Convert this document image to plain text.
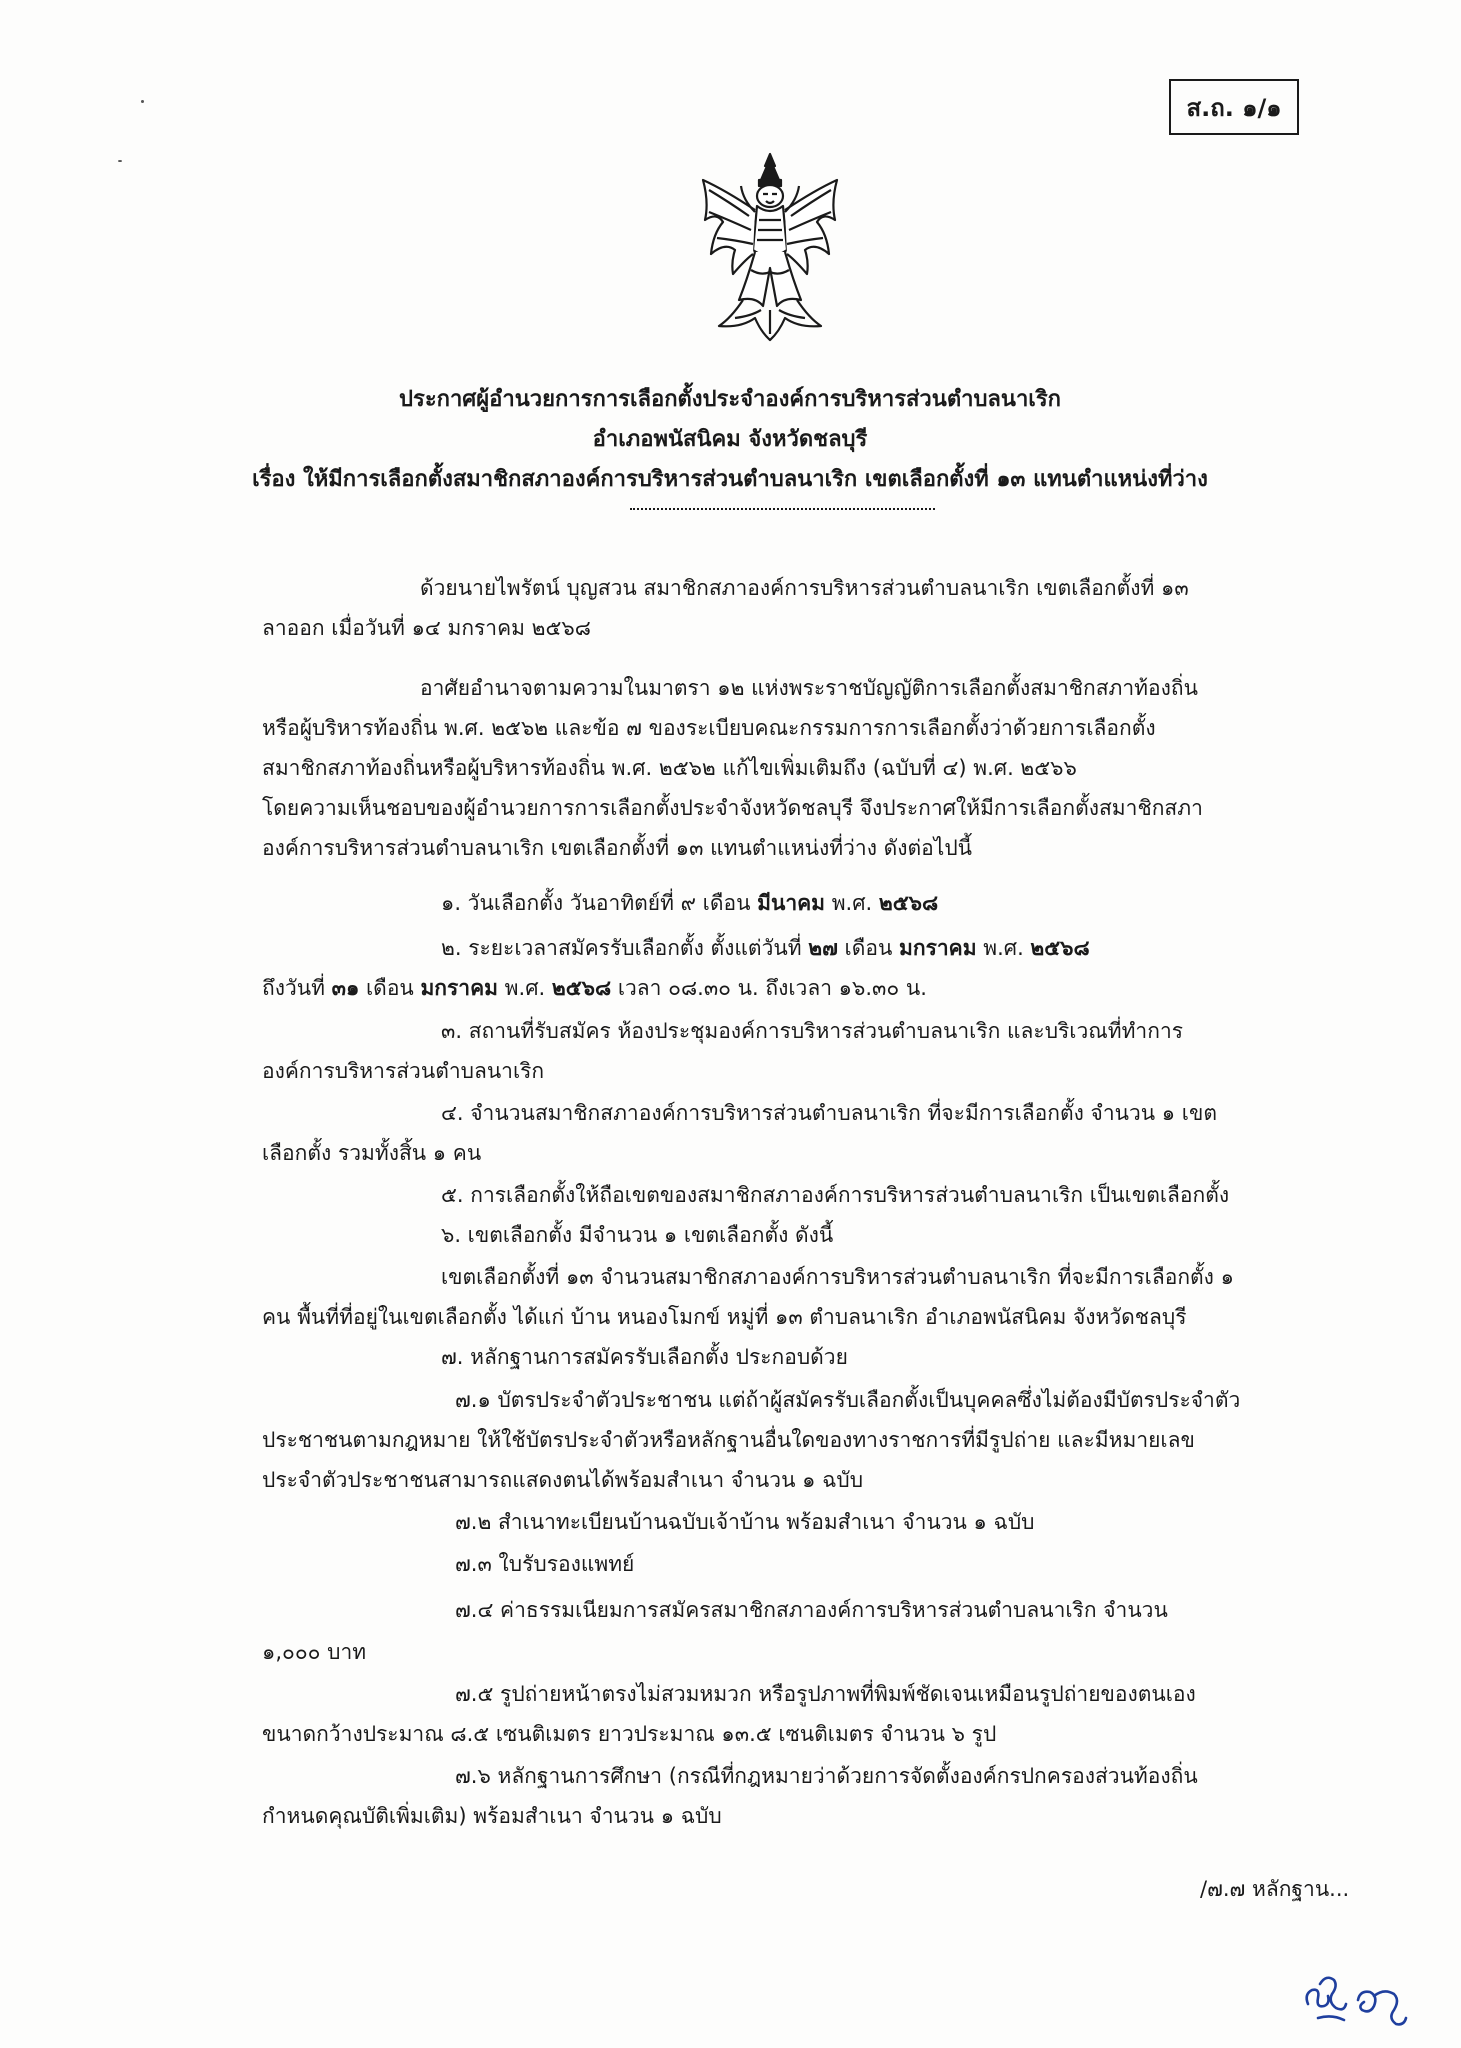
ส.ถ. ๑/๑
ประกาศผู้อำนวยการการเลือกตั้งประจำองค์การบริหารส่วนตำบลนาเริก
อำเภอพนัสนิคม จังหวัดชลบุรี
เรื่อง ให้มีการเลือกตั้งสมาชิกสภาองค์การบริหารส่วนตำบลนาเริก เขตเลือกตั้งที่ ๑๓ แทนตำแหน่งที่ว่าง
ด้วยนายไพรัตน์ บุญสวน สมาชิกสภาองค์การบริหารส่วนตำบลนาเริก เขตเลือกตั้งที่ ๑๓
ลาออก เมื่อวันที่ ๑๔ มกราคม ๒๕๖๘
อาศัยอำนาจตามความในมาตรา ๑๒ แห่งพระราชบัญญัติการเลือกตั้งสมาชิกสภาท้องถิ่น
หรือผู้บริหารท้องถิ่น พ.ศ. ๒๕๖๒ และข้อ ๗ ของระเบียบคณะกรรมการการเลือกตั้งว่าด้วยการเลือกตั้ง
สมาชิกสภาท้องถิ่นหรือผู้บริหารท้องถิ่น พ.ศ. ๒๕๖๒ แก้ไขเพิ่มเติมถึง (ฉบับที่ ๔) พ.ศ. ๒๕๖๖
โดยความเห็นชอบของผู้อำนวยการการเลือกตั้งประจำจังหวัดชลบุรี จึงประกาศให้มีการเลือกตั้งสมาชิกสภา
องค์การบริหารส่วนตำบลนาเริก เขตเลือกตั้งที่ ๑๓ แทนตำแหน่งที่ว่าง ดังต่อไปนี้
๑. วันเลือกตั้ง วันอาทิตย์ที่ ๙ เดือน มีนาคม พ.ศ. ๒๕๖๘
๒. ระยะเวลาสมัครรับเลือกตั้ง ตั้งแต่วันที่ ๒๗ เดือน มกราคม พ.ศ. ๒๕๖๘
ถึงวันที่ ๓๑ เดือน มกราคม พ.ศ. ๒๕๖๘ เวลา ๐๘.๓๐ น. ถึงเวลา ๑๖.๓๐ น.
๓. สถานที่รับสมัคร ห้องประชุมองค์การบริหารส่วนตำบลนาเริก และบริเวณที่ทำการ
องค์การบริหารส่วนตำบลนาเริก
๔. จำนวนสมาชิกสภาองค์การบริหารส่วนตำบลนาเริก ที่จะมีการเลือกตั้ง จำนวน ๑ เขต
เลือกตั้ง รวมทั้งสิ้น ๑ คน
๕. การเลือกตั้งให้ถือเขตของสมาชิกสภาองค์การบริหารส่วนตำบลนาเริก เป็นเขตเลือกตั้ง
๖. เขตเลือกตั้ง มีจำนวน ๑ เขตเลือกตั้ง ดังนี้
เขตเลือกตั้งที่ ๑๓ จำนวนสมาชิกสภาองค์การบริหารส่วนตำบลนาเริก ที่จะมีการเลือกตั้ง ๑
คน พื้นที่ที่อยู่ในเขตเลือกตั้ง ได้แก่ บ้าน หนองโมกข์ หมู่ที่ ๑๓ ตำบลนาเริก อำเภอพนัสนิคม จังหวัดชลบุรี
๗. หลักฐานการสมัครรับเลือกตั้ง ประกอบด้วย
๗.๑ บัตรประจำตัวประชาชน แต่ถ้าผู้สมัครรับเลือกตั้งเป็นบุคคลซึ่งไม่ต้องมีบัตรประจำตัว
ประชาชนตามกฎหมาย ให้ใช้บัตรประจำตัวหรือหลักฐานอื่นใดของทางราชการที่มีรูปถ่าย และมีหมายเลข
ประจำตัวประชาชนสามารถแสดงตนได้พร้อมสำเนา จำนวน ๑ ฉบับ
๗.๒ สำเนาทะเบียนบ้านฉบับเจ้าบ้าน พร้อมสำเนา จำนวน ๑ ฉบับ
๗.๓ ใบรับรองแพทย์
๗.๔ ค่าธรรมเนียมการสมัครสมาชิกสภาองค์การบริหารส่วนตำบลนาเริก จำนวน
๑,๐๐๐ บาท
๗.๕ รูปถ่ายหน้าตรงไม่สวมหมวก หรือรูปภาพที่พิมพ์ชัดเจนเหมือนรูปถ่ายของตนเอง
ขนาดกว้างประมาณ ๘.๕ เซนติเมตร ยาวประมาณ ๑๓.๕ เซนติเมตร จำนวน ๖ รูป
๗.๖ หลักฐานการศึกษา (กรณีที่กฎหมายว่าด้วยการจัดตั้งองค์กรปกครองส่วนท้องถิ่น
กำหนดคุณบัติเพิ่มเติม) พร้อมสำเนา จำนวน ๑ ฉบับ
/๗.๗ หลักฐาน...
